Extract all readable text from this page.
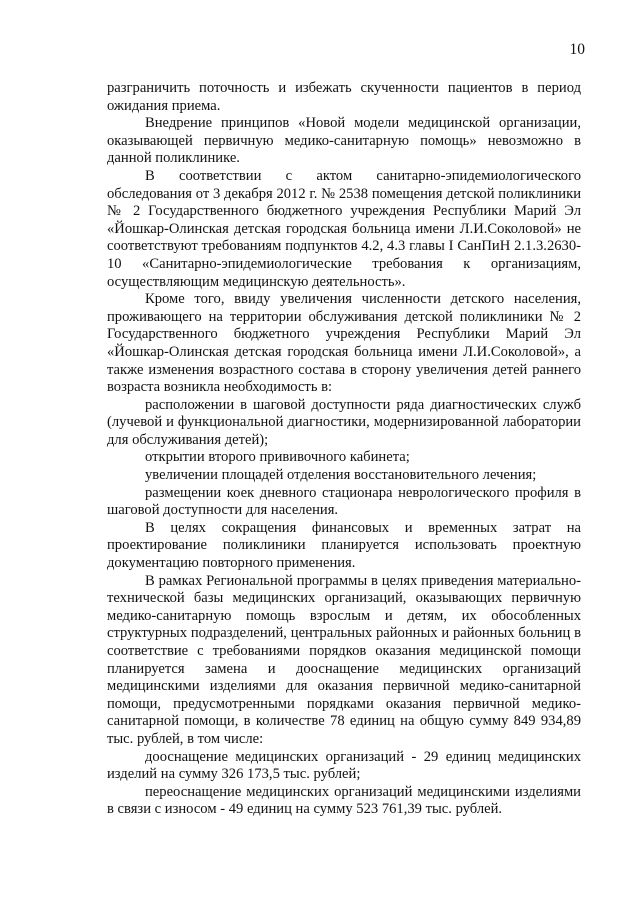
10

разграничить поточность и избежать скученности пациентов в период ожидания приема.

Внедрение принципов «Новой модели медицинской организации, оказывающей первичную медико-санитарную помощь» невозможно в данной поликлинике.

В соответствии с актом санитарно-эпидемиологического обследования от 3 декабря 2012 г. № 2538 помещения детской поликлиники № 2 Государственного бюджетного учреждения Республики Марий Эл «Йошкар-Олинская детская городская больница имени Л.И.Соколовой» не соответствуют требованиям подпунктов 4.2, 4.3 главы I СанПиН 2.1.3.2630-10 «Санитарно-эпидемиологические требования к организациям, осуществляющим медицинскую деятельность».

Кроме того, ввиду увеличения численности детского населения, проживающего на территории обслуживания детской поликлиники № 2 Государственного бюджетного учреждения Республики Марий Эл «Йошкар-Олинская детская городская больница имени Л.И.Соколовой», а также изменения возрастного состава в сторону увеличения детей раннего возраста возникла необходимость в:

расположении в шаговой доступности ряда диагностических служб (лучевой и функциональной диагностики, модернизированной лаборатории для обслуживания детей);

открытии второго прививочного кабинета;

увеличении площадей отделения восстановительного лечения;

размещении коек дневного стационара неврологического профиля в шаговой доступности для населения.

В целях сокращения финансовых и временных затрат на проектирование поликлиники планируется использовать проектную документацию повторного применения.

В рамках Региональной программы в целях приведения материально-технической базы медицинских организаций, оказывающих первичную медико-санитарную помощь взрослым и детям, их обособленных структурных подразделений, центральных районных и районных больниц в соответствие с требованиями порядков оказания медицинской помощи планируется замена и дооснащение медицинских организаций медицинскими изделиями для оказания первичной медико-санитарной помощи, предусмотренными порядками оказания первичной медико-санитарной помощи, в количестве 78 единиц на общую сумму 849 934,89 тыс. рублей, в том числе:

дооснащение медицинских организаций - 29 единиц медицинских изделий на сумму 326 173,5 тыс. рублей;

переоснащение медицинских организаций медицинскими изделиями в связи с износом - 49 единиц на сумму 523 761,39 тыс. рублей.
